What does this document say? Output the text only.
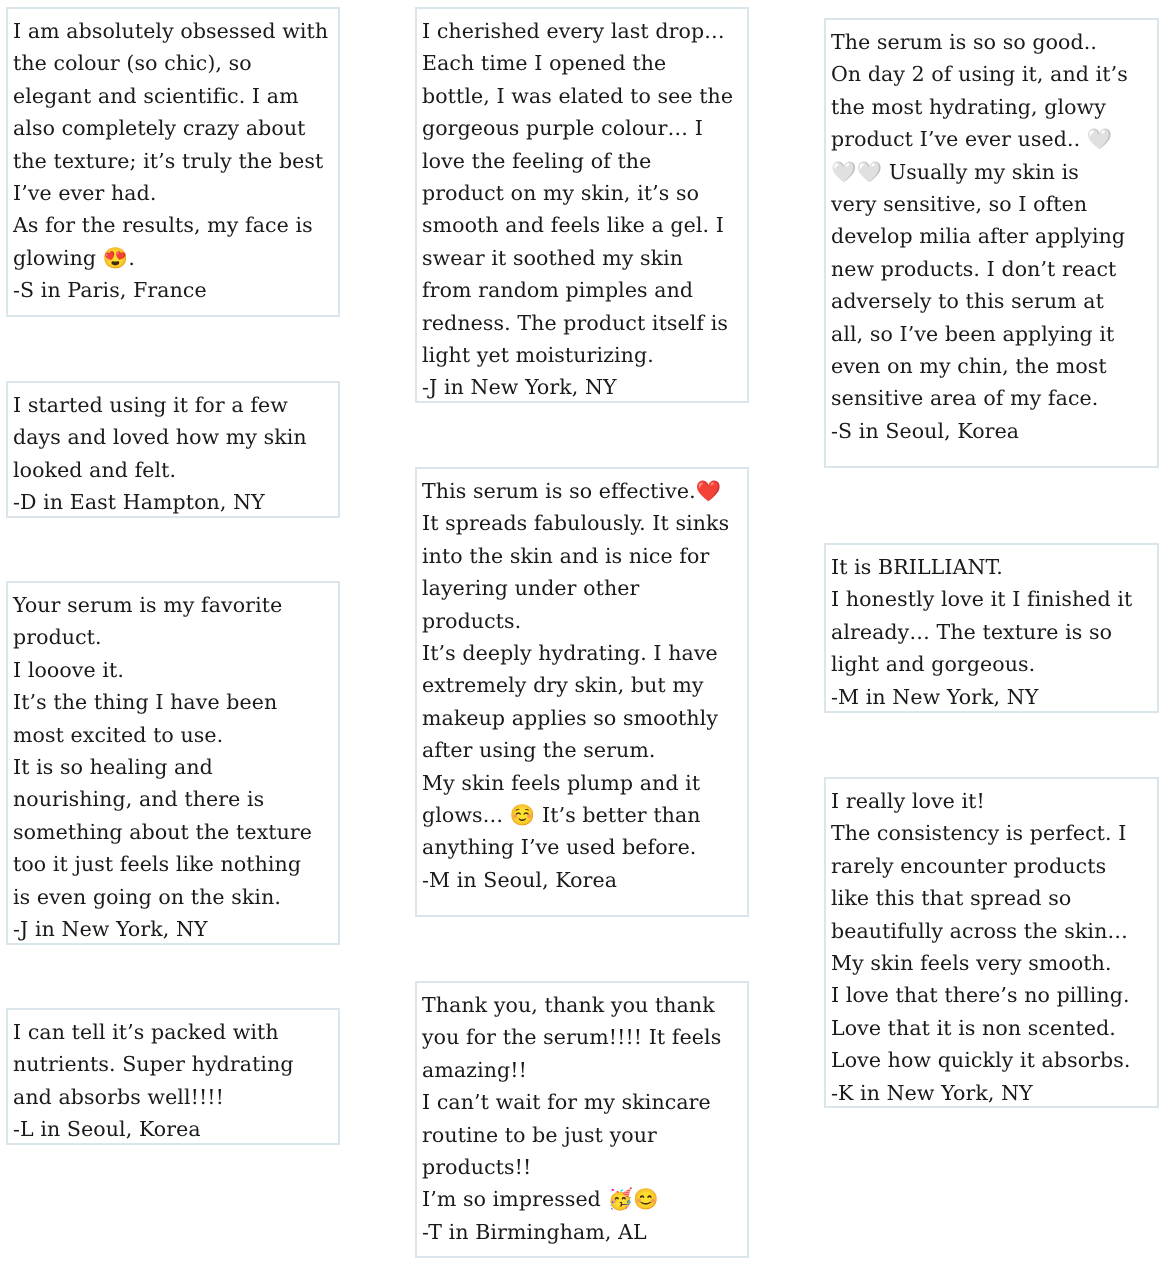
I am absolutely obsessed with

the colour (so chic), so

elegant and scientific. I am

also completely crazy about

the texture; it’s truly the best

I’ve ever had.

As for the results, my face is

glowing 😍.

-S in Paris, France

I started using it for a few

days and loved how my skin

looked and felt.

-D in East Hampton, NY

Your serum is my favorite

product.

I looove it.

It’s the thing I have been

most excited to use.

It is so healing and

nourishing, and there is

something about the texture

too it just feels like nothing

is even going on the skin.

-J in New York, NY

I can tell it’s packed with

nutrients. Super hydrating

and absorbs well!!!!

-L in Seoul, Korea

I cherished every last drop…

Each time I opened the

bottle, I was elated to see the

gorgeous purple colour… I

love the feeling of the

product on my skin, it’s so

smooth and feels like a gel. I

swear it soothed my skin

from random pimples and

redness. The product itself is

light yet moisturizing.

-J in New York, NY

This serum is so effective.❤️

It spreads fabulously. It sinks

into the skin and is nice for

layering under other

products.

It’s deeply hydrating. I have

extremely dry skin, but my

makeup applies so smoothly

after using the serum.

My skin feels plump and it

glows… ☺️ It’s better than

anything I’ve used before.

-M in Seoul, Korea

Thank you, thank you thank

you for the serum!!!! It feels

amazing!!

I can’t wait for my skincare

routine to be just your

products!!

I’m so impressed 🥳😊

-T in Birmingham, AL

The serum is so so good..

On day 2 of using it, and it’s

the most hydrating, glowy

product I’ve ever used.. 🤍

🤍🤍 Usually my skin is

very sensitive, so I often

develop milia after applying

new products. I don’t react

adversely to this serum at

all, so I’ve been applying it

even on my chin, the most

sensitive area of my face.

-S in Seoul, Korea

It is BRILLIANT.

I honestly love it I finished it

already… The texture is so

light and gorgeous.

-M in New York, NY

I really love it!

The consistency is perfect. I

rarely encounter products

like this that spread so

beautifully across the skin…

My skin feels very smooth.

I love that there’s no pilling.

Love that it is non scented.

Love how quickly it absorbs.

-K in New York, NY
